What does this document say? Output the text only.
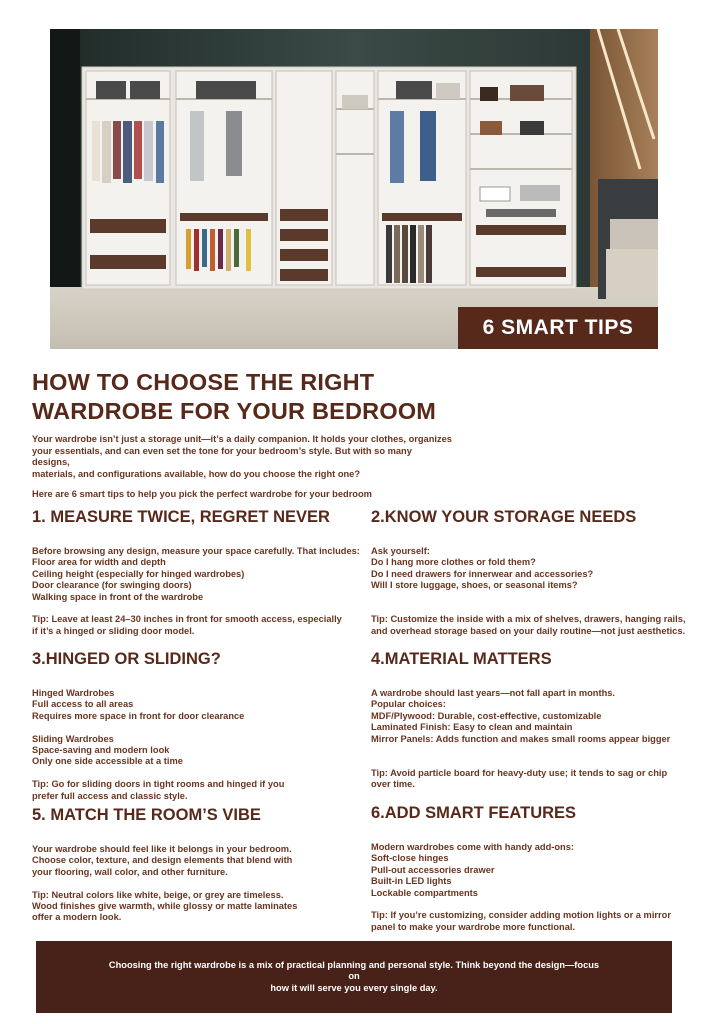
6 SMART TIPS
HOW TO CHOOSE THE RIGHT
WARDROBE FOR YOUR BEDROOM

Your wardrobe isn’t just a storage unit—it’s a daily companion. It holds your clothes, organizes
your essentials, and can even set the tone for your bedroom’s style. But with so many designs,
materials, and configurations available, how do you choose the right one?

Here are 6 smart tips to help you pick the perfect wardrobe for your bedroom

1. MEASURE TWICE, REGRET NEVER
Before browsing any design, measure your space carefully. That includes:
Floor area for width and depth
Ceiling height (especially for hinged wardrobes)
Door clearance (for swinging doors)
Walking space in front of the wardrobe
Tip: Leave at least 24–30 inches in front for smooth access, especially
if it’s a hinged or sliding door model.
2.KNOW YOUR STORAGE NEEDS
Ask yourself:
Do I hang more clothes or fold them?
Do I need drawers for innerwear and accessories?
Will I store luggage, shoes, or seasonal items?
Tip: Customize the inside with a mix of shelves, drawers, hanging rails,
and overhead storage based on your daily routine—not just aesthetics.
3.HINGED OR SLIDING?
Hinged Wardrobes
Full access to all areas
Requires more space in front for door clearance
Sliding Wardrobes
Space-saving and modern look
Only one side accessible at a time
Tip: Go for sliding doors in tight rooms and hinged if you
prefer full access and classic style.
4.MATERIAL MATTERS
A wardrobe should last years—not fall apart in months.
Popular choices:
MDF/Plywood: Durable, cost-effective, customizable
Laminated Finish: Easy to clean and maintain
Mirror Panels: Adds function and makes small rooms appear bigger
Tip: Avoid particle board for heavy-duty use; it tends to sag or chip
over time.
5. MATCH THE ROOM’S VIBE
Your wardrobe should feel like it belongs in your bedroom.
Choose color, texture, and design elements that blend with
your flooring, wall color, and other furniture.
Tip: Neutral colors like white, beige, or grey are timeless.
Wood finishes give warmth, while glossy or matte laminates
offer a modern look.
6.ADD SMART FEATURES
Modern wardrobes come with handy add-ons:
Soft-close hinges
Pull-out accessories drawer
Built-in LED lights
Lockable compartments
Tip: If you’re customizing, consider adding motion lights or a mirror
panel to make your wardrobe more functional.
Choosing the right wardrobe is a mix of practical planning and personal style. Think beyond the design—focus on
how it will serve you every single day.
